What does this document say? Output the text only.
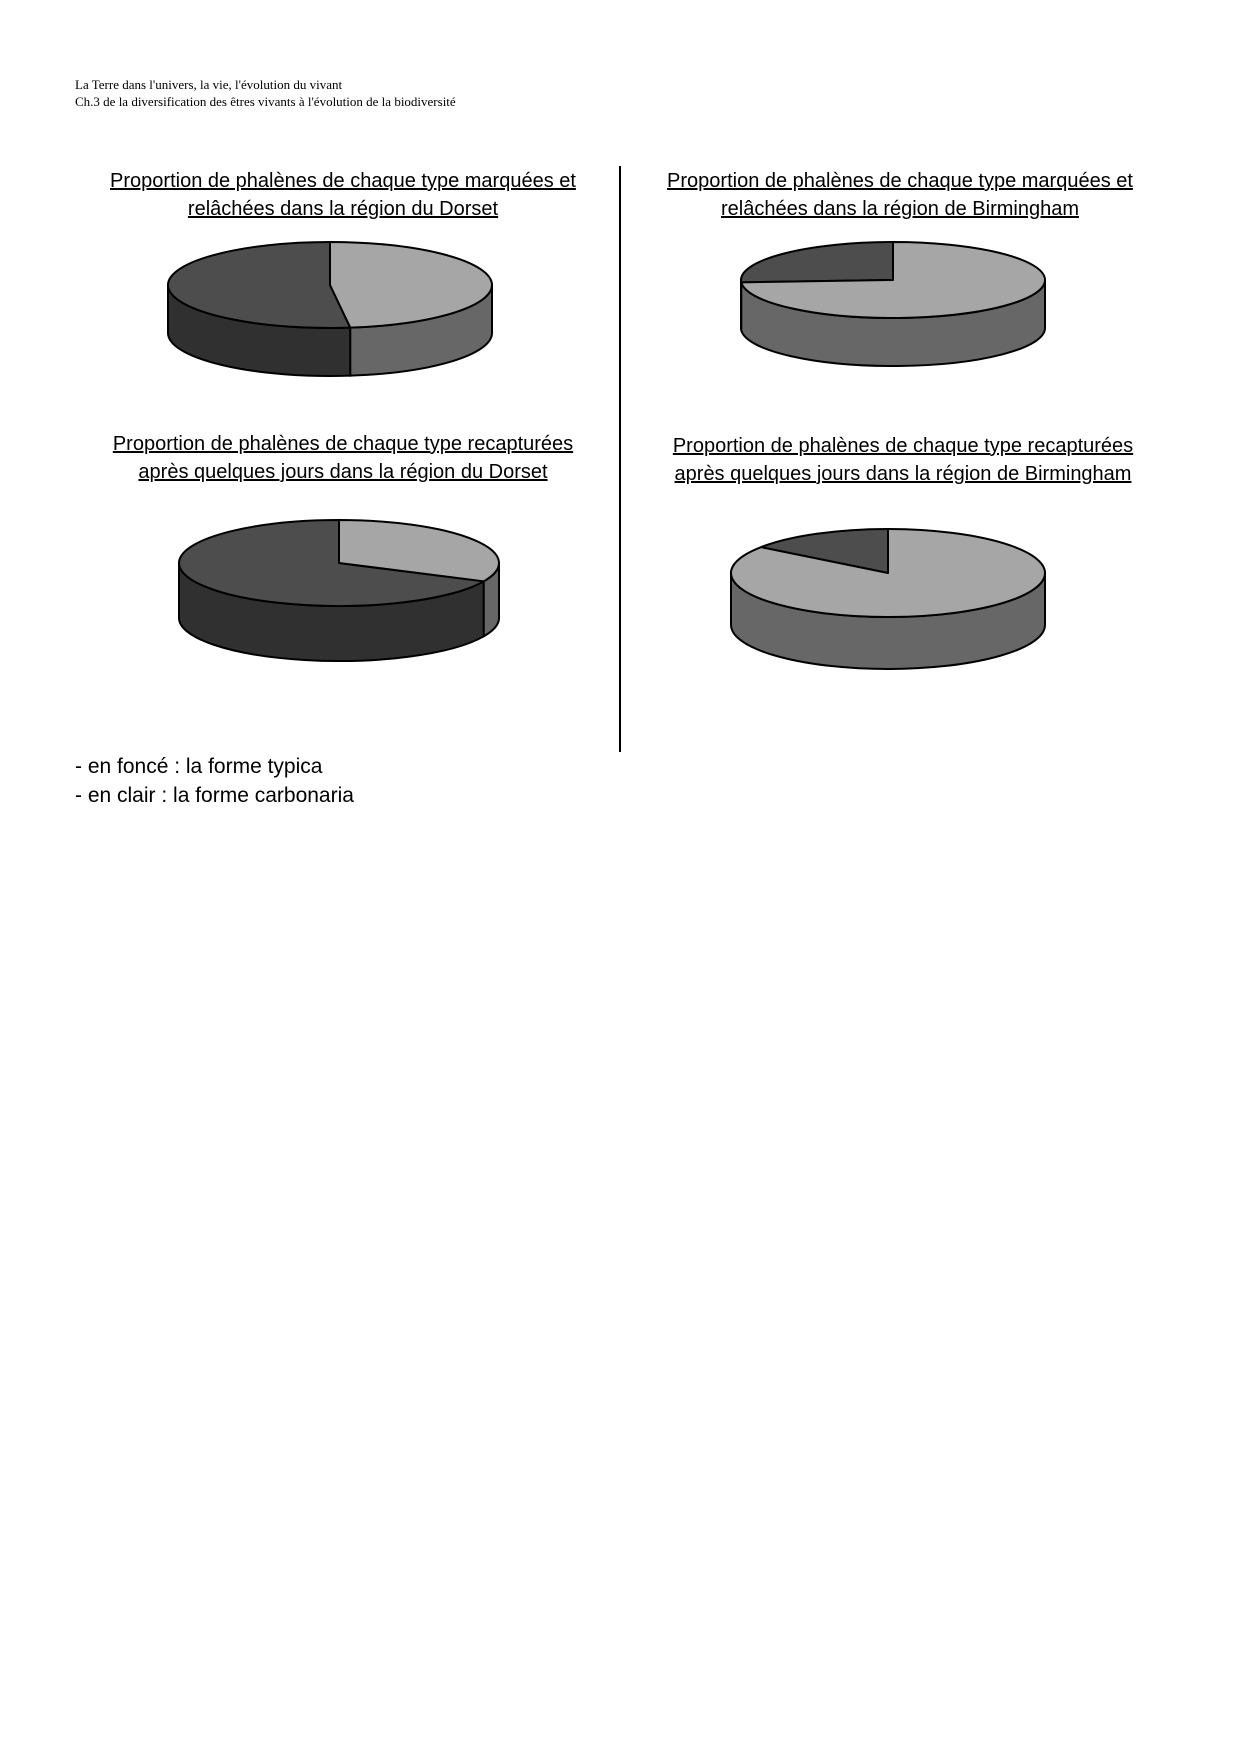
La Terre dans l'univers, la vie, l'évolution du vivant
Ch.3 de la diversification des êtres vivants à l'évolution de la biodiversité
Proportion de phalènes de chaque type marquées et
relâchées dans la région du Dorset
Proportion de phalènes de chaque type marquées et
relâchées dans la région de Birmingham
Proportion de phalènes de chaque type recapturées
après quelques jours dans la région du Dorset
Proportion de phalènes de chaque type recapturées
après quelques jours dans la région de Birmingham
- en foncé : la forme typica
- en clair : la forme carbonaria
